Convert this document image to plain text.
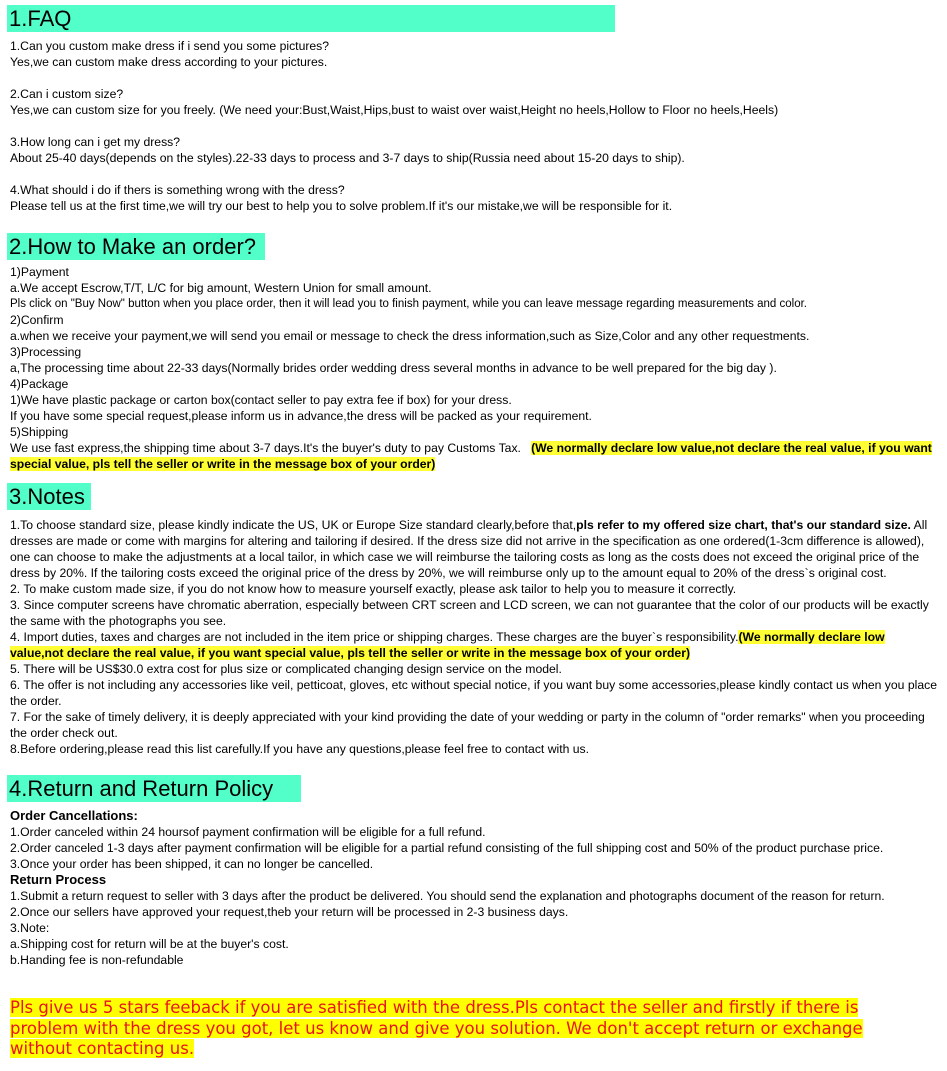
1.FAQ

1.Can you custom make dress if i send you some pictures?

Yes,we can custom make dress according to your pictures.

2.Can i custom size?

Yes,we can custom size for you freely. (We need your:Bust,Waist,Hips,bust to waist over waist,Height no heels,Hollow to Floor no heels,Heels)

3.How long can i get my dress?

About 25-40 days(depends on the styles).22-33 days to process and 3-7 days to ship(Russia need about 15-20 days to ship).

4.What should i do if thers is something wrong with the dress?

Please tell us at the first time,we will try our best to help you to solve problem.If it's our mistake,we will be responsible for it.

2.How to Make an order?

1)Payment

a.We accept Escrow,T/T, L/C for big amount, Western Union for small amount.

Pls click on "Buy Now" button when you place order, then it will lead you to finish payment, while you can leave message regarding measurements and color.

2)Confirm

a.when we receive your payment,we will send you email or message to check the dress information,such as Size,Color and any other requestments.

3)Processing

a,The processing time about 22-33 days(Normally brides order wedding dress several months in advance to be well prepared for the big day ).

4)Package

1)We have plastic package or carton box(contact seller to pay extra fee if box) for your dress.

If you have some special request,please inform us in advance,the dress will be packed as your requirement.

5)Shipping

We use fast express,the shipping time about 3-7 days.It's the buyer's duty to pay Customs Tax. (We normally declare low value,not declare the real value, if you want special value, pls tell the seller or write in the message box of your order)

3.Notes

1.To choose standard size, please kindly indicate the US, UK or Europe Size standard clearly,before that,pls refer to my offered size chart, that's our standard size. All dresses are made or come with margins for altering and tailoring if desired. If the dress size did not arrive in the specification as one ordered(1-3cm difference is allowed), one can choose to make the adjustments at a local tailor, in which case we will reimburse the tailoring costs as long as the costs does not exceed the original price of the dress by 20%. If the tailoring costs exceed the original price of the dress by 20%, we will reimburse only up to the amount equal to 20% of the dress`s original cost.

2. To make custom made size, if you do not know how to measure yourself exactly, please ask tailor to help you to measure it correctly.

3. Since computer screens have chromatic aberration, especially between CRT screen and LCD screen, we can not guarantee that the color of our products will be exactly the same with the photographs you see.

4. Import duties, taxes and charges are not included in the item price or shipping charges. These charges are the buyer`s responsibility.(We normally declare low value,not declare the real value, if you want special value, pls tell the seller or write in the message box of your order)

5. There will be US$30.0 extra cost for plus size or complicated changing design service on the model.

6. The offer is not including any accessories like veil, petticoat, gloves, etc without special notice, if you want buy some accessories,please kindly contact us when you place the order.

7. For the sake of timely delivery, it is deeply appreciated with your kind providing the date of your wedding or party in the column of "order remarks" when you proceeding the order check out.

8.Before ordering,please read this list carefully.If you have any questions,please feel free to contact with us.

4.Return and Return Policy

Order Cancellations:

1.Order canceled within 24 hoursof payment confirmation will be eligible for a full refund.

2.Order canceled 1-3 days after payment confirmation will be eligible for a partial refund consisting of the full shipping cost and 50% of the product purchase price.

3.Once your order has been shipped, it can no longer be cancelled.

Return Process

1.Submit a return request to seller with 3 days after the product be delivered. You should send the explanation and photographs document of the reason for return.

2.Once our sellers have approved your request,theb your return will be processed in 2-3 business days.

3.Note:

a.Shipping cost for return will be at the buyer's cost.

b.Handing fee is non-refundable

Pls give us 5 stars feeback if you are satisfied with the dress.Pls contact the seller and firstly if there is problem with the dress you got, let us know and give you solution. We don't accept return or exchange without contacting us.
